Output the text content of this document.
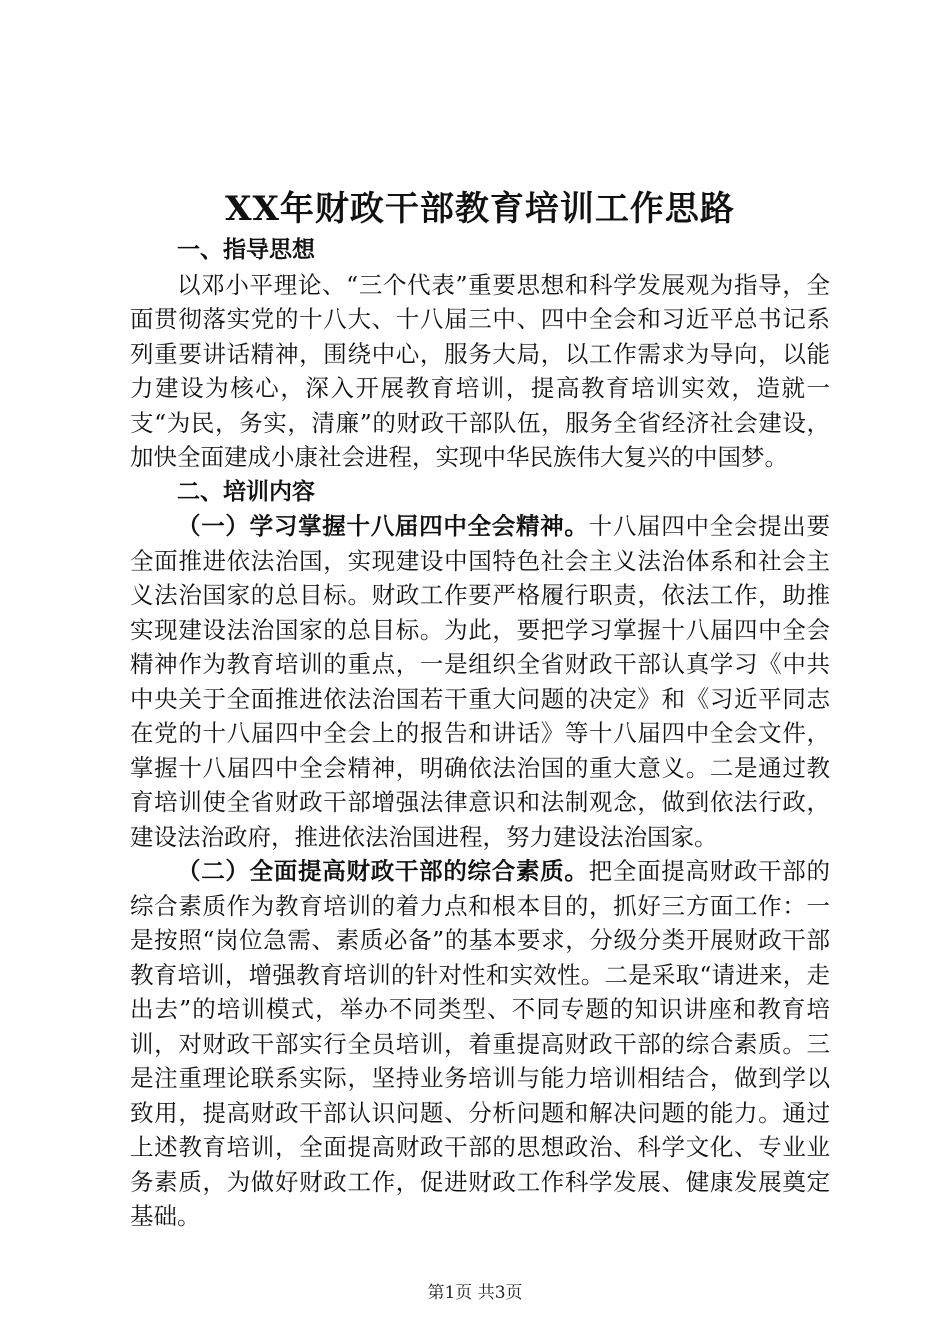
XX年财政干部教育培训工作思路

一、指导思想

以邓小平理论、“三个代表”重要思想和科学发展观为指导，全面贯彻落实党的十八大、十八届三中、四中全会和习近平总书记系列重要讲话精神，围绕中心，服务大局，以工作需求为导向，以能力建设为核心，深入开展教育培训，提高教育培训实效，造就一支“为民，务实，清廉”的财政干部队伍，服务全省经济社会建设，加快全面建成小康社会进程，实现中华民族伟大复兴的中国梦。

二、培训内容

（一）学习掌握十八届四中全会精神。十八届四中全会提出要全面推进依法治国，实现建设中国特色社会主义法治体系和社会主义法治国家的总目标。财政工作要严格履行职责，依法工作，助推实现建设法治国家的总目标。为此，要把学习掌握十八届四中全会精神作为教育培训的重点，一是组织全省财政干部认真学习《中共中央关于全面推进依法治国若干重大问题的决定》和《习近平同志在党的十八届四中全会上的报告和讲话》等十八届四中全会文件，掌握十八届四中全会精神，明确依法治国的重大意义。二是通过教育培训使全省财政干部增强法律意识和法制观念，做到依法行政，建设法治政府，推进依法治国进程，努力建设法治国家。

（二）全面提高财政干部的综合素质。把全面提高财政干部的综合素质作为教育培训的着力点和根本目的，抓好三方面工作：一是按照“岗位急需、素质必备”的基本要求，分级分类开展财政干部教育培训，增强教育培训的针对性和实效性。二是采取“请进来，走出去”的培训模式，举办不同类型、不同专题的知识讲座和教育培训，对财政干部实行全员培训，着重提高财政干部的综合素质。三是注重理论联系实际，坚持业务培训与能力培训相结合，做到学以致用，提高财政干部认识问题、分析问题和解决问题的能力。通过上述教育培训，全面提高财政干部的思想政治、科学文化、专业业务素质，为做好财政工作，促进财政工作科学发展、健康发展奠定基础。

第1页 共3页
